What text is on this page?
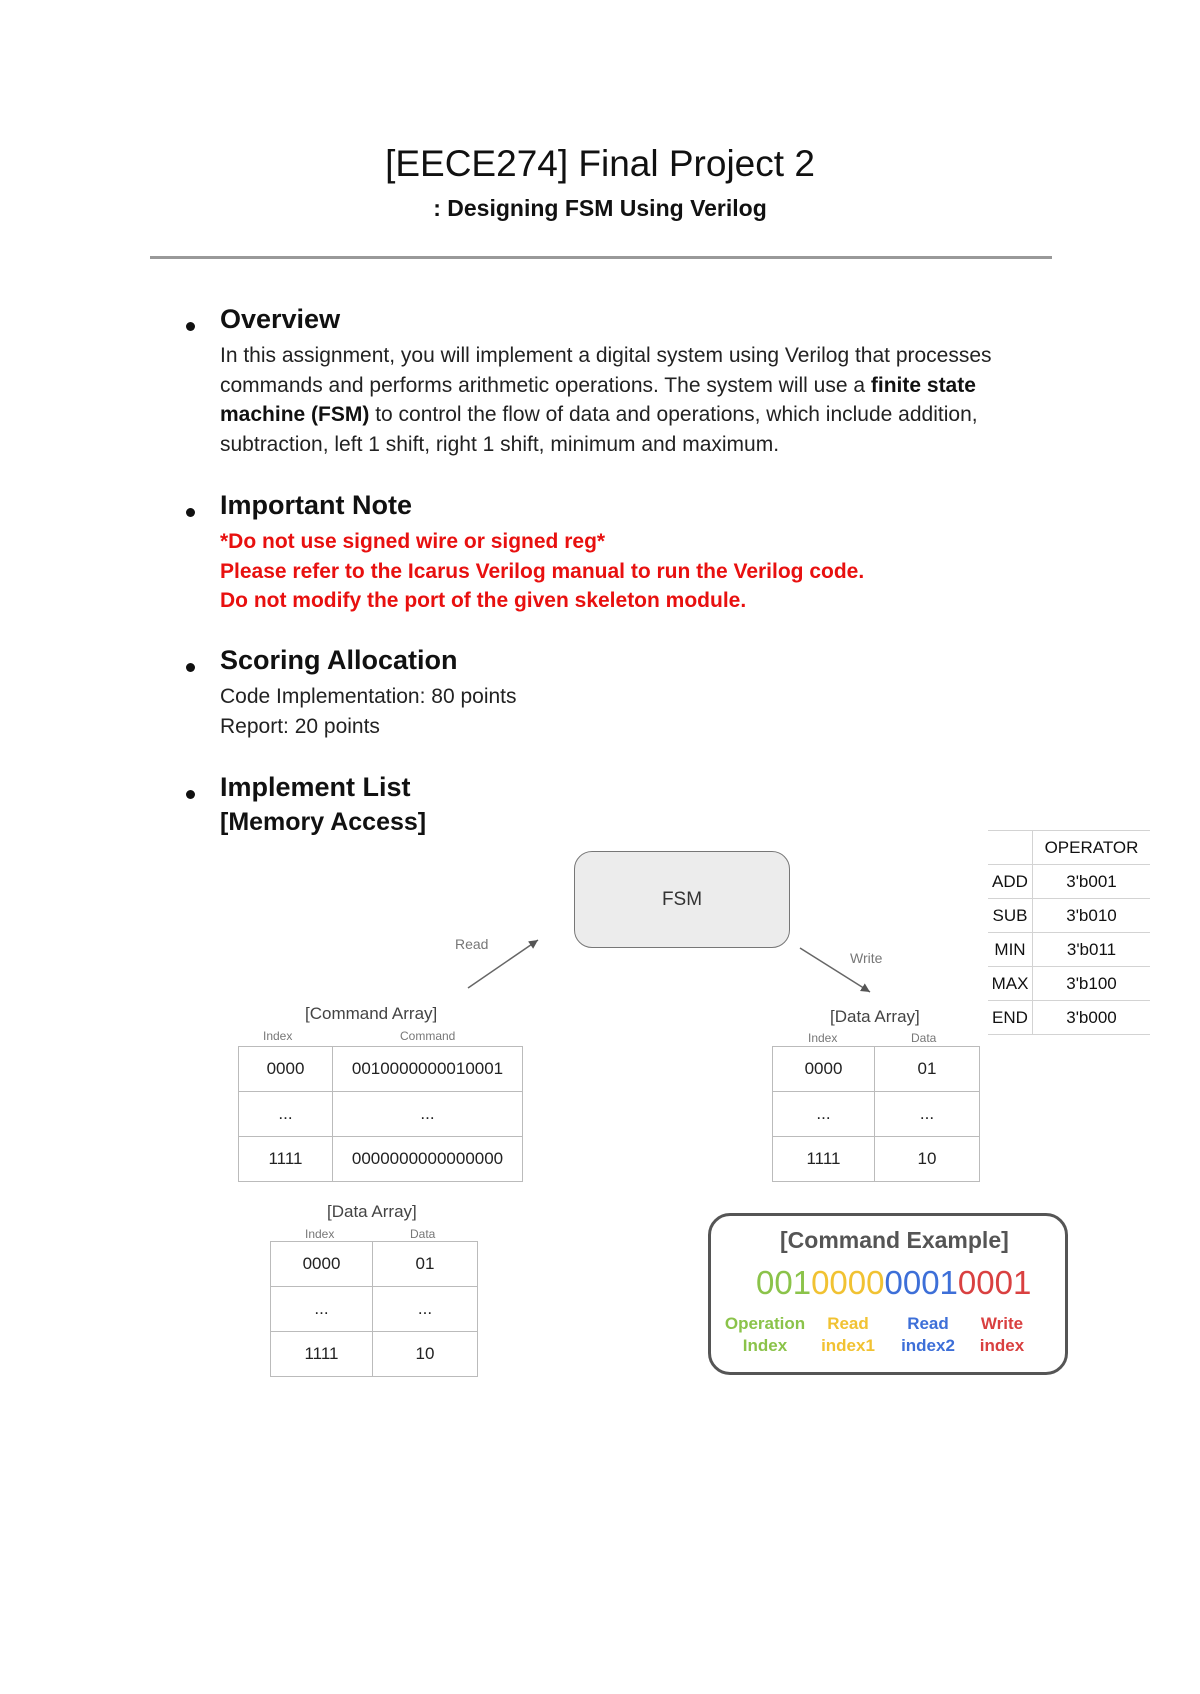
[EECE274] Final Project 2
: Designing FSM Using Verilog
Overview
In this assignment, you will implement a digital system using Verilog that processes
commands and performs arithmetic operations. The system will use a finite state
machine (FSM) to control the flow of data and operations, which include addition,
subtraction, left 1 shift, right 1 shift, minimum and maximum.
Important Note
*Do not use signed wire or signed reg*
Please refer to the Icarus Verilog manual to run the Verilog code.
Do not modify the port of the given skeleton module.
Scoring Allocation
Code Implementation: 80 points
Report: 20 points
Implement List
[Memory Access]
FSM
Read
Write
[Command Array]
Index	Command
0000	0010000000010001
...	...
1111	0000000000000000
[Data Array]
Index	Data
0000	01
...	...
1111	10
[Data Array]
Index	Data
0000	01
...	...
1111	10
	OPERATOR
ADD	3'b001
SUB	3'b010
MIN	3'b011
MAX	3'b100
END	3'b000
[Command Example]
001000000010001
Operation
Index
Read
index1
Read
index2
Write
index
